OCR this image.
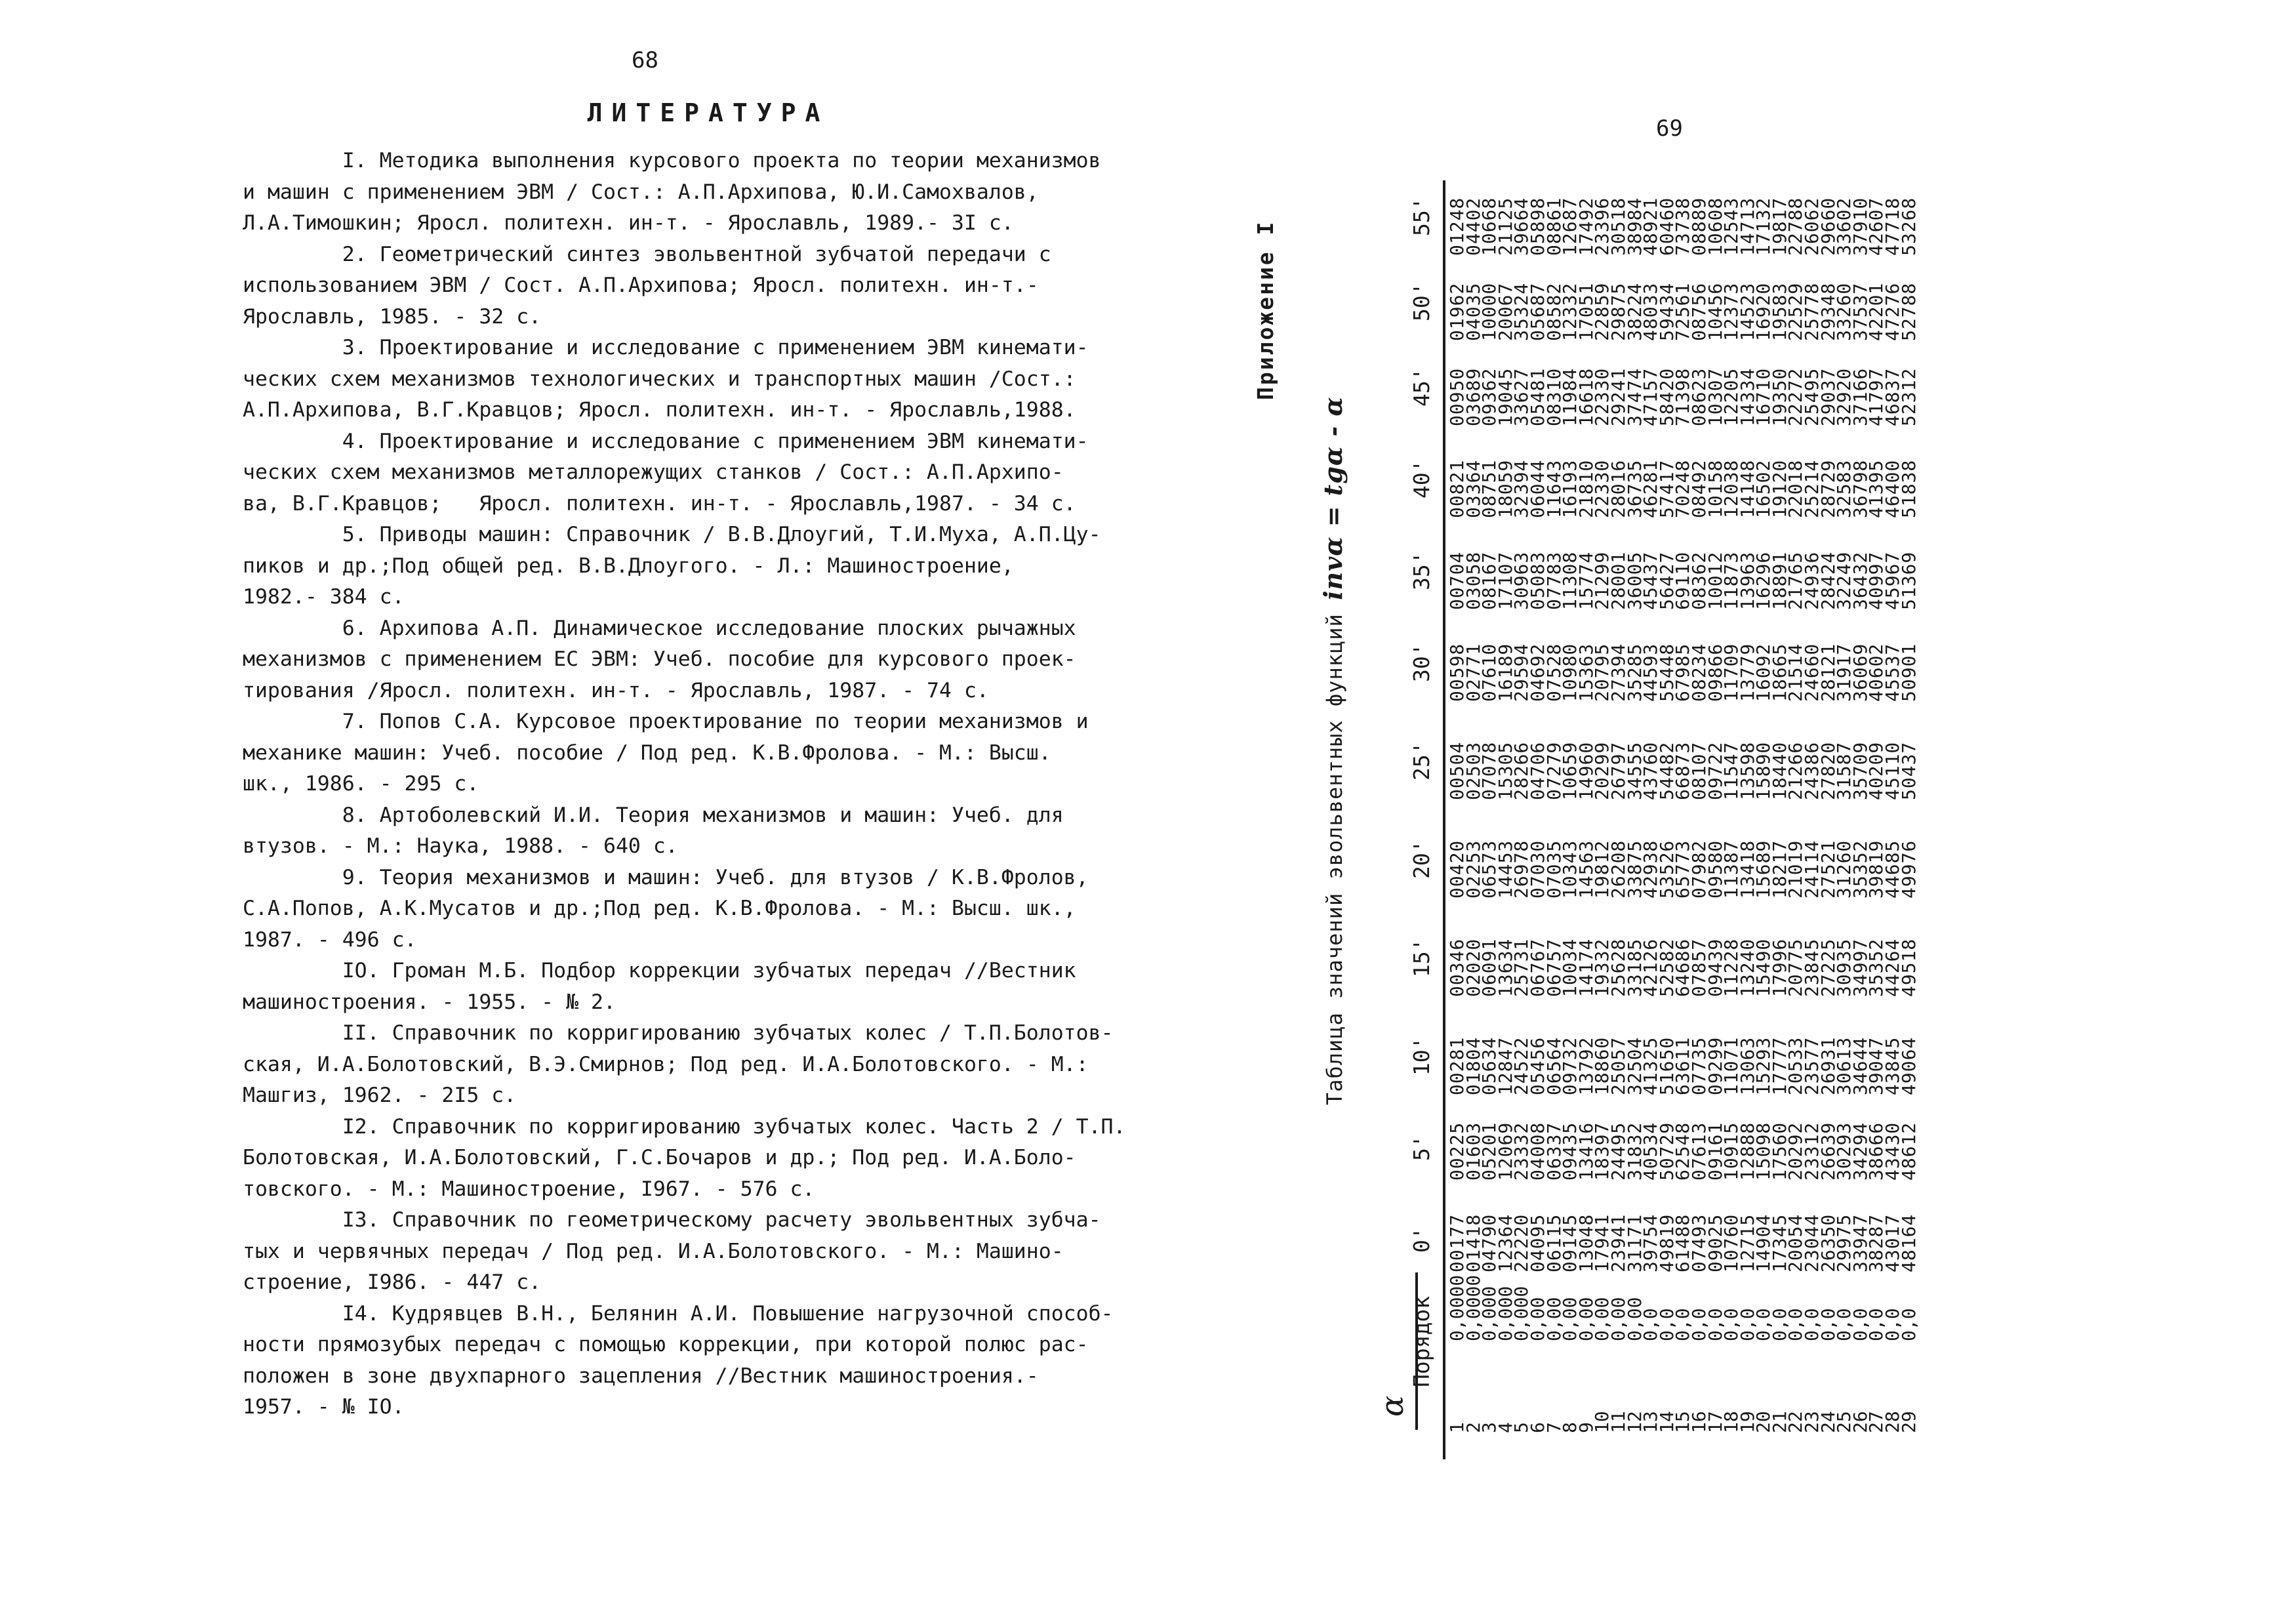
68
ЛИТЕРАТУРА
I. Методика выполнения курсового проекта по теории механизмов
и машин с применением ЭВМ / Сост.: А.П.Архипова, Ю.И.Самохвалов,
Л.А.Тимошкин; Яросл. политехн. ин-т. - Ярославль, 1989.- 3I с.
2. Геометрический синтез эвольвентной зубчатой передачи с
использованием ЭВМ / Сост. А.П.Архипова; Яросл. политехн. ин-т.-
Ярославль, 1985. - 32 с.
3. Проектирование и исследование с применением ЭВМ кинемати-
ческих схем механизмов технологических и транспортных машин /Сост.:
А.П.Архипова, В.Г.Кравцов; Яросл. политехн. ин-т. - Ярославль,1988.
4. Проектирование и исследование с применением ЭВМ кинемати-
ческих схем механизмов металлорежущих станков / Сост.: А.П.Архипо-
ва, В.Г.Кравцов;   Яросл. политехн. ин-т. - Ярославль,1987. - 34 с.
5. Приводы машин: Справочник / В.В.Длоугий, Т.И.Муха, А.П.Цу-
пиков и др.;Под общей ред. В.В.Длоугого. - Л.: Машиностроение,
1982.- 384 с.
6. Архипова А.П. Динамическое исследование плоских рычажных
механизмов с применением ЕС ЭВМ: Учеб. пособие для курсового проек-
тирования /Яросл. политехн. ин-т. - Ярославль, 1987. - 74 с.
7. Попов С.А. Курсовое проектирование по теории механизмов и
механике машин: Учеб. пособие / Под ред. К.В.Фролова. - М.: Высш.
шк., 1986. - 295 с.
8. Артоболевский И.И. Теория механизмов и машин: Учеб. для
втузов. - М.: Наука, 1988. - 640 с.
9. Теория механизмов и машин: Учеб. для втузов / К.В.Фролов,
С.А.Попов, А.К.Мусатов и др.;Под ред. К.В.Фролова. - М.: Высш. шк.,
1987. - 496 с.
IO. Громан М.Б. Подбор коррекции зубчатых передач //Вестник
машиностроения. - 1955. - № 2.
II. Справочник по корригированию зубчатых колес / Т.П.Болотов-
ская, И.А.Болотовский, В.Э.Смирнов; Под ред. И.А.Болотовского. - М.:
Машгиз, 1962. - 2I5 с.
I2. Справочник по корригированию зубчатых колес. Часть 2 / Т.П.
Болотовская, И.А.Болотовский, Г.С.Бочаров и др.; Под ред. И.А.Боло-
товского. - М.: Машиностроение, I967. - 576 с.
I3. Справочник по геометрическому расчету эвольвентных зубча-
тых и червячных передач / Под ред. И.А.Болотовского. - М.: Машино-
строение, I986. - 447 с.
I4. Кудрявцев В.Н., Белянин А.И. Повышение нагрузочной способ-
ности прямозубых передач с помощью коррекции, при которой полюс рас-
положен в зоне двухпарного зацепления //Вестник машиностроения.-
1957. - № IO.
69
Приложение I
Таблица значений эвольвентных функций invα = tgα - α
α
Порядок
0'
5'
10'
15'
20'
25'
30'
35'
40'
45'
50'
55'
1
2
3
4
5
6
7
8
9
10
11
12
13
14
15
16
17
18
19
20
21
22
23
24
25
26
27
28
29
0,0000
0,0000
0,000
0,000
0,000
0,00
0,00
0,00
0,00
0,00
0,00
0,00
0,0
0,0
0,0
0,0
0,0
0,0
0,0
0,0
0,0
0,0
0,0
0,0
0,0
0,0
0,0
0,0
0,0
00177
01418
04790
12364
22220
04095
06115
09145
13048
17941
23941
31171
39754
49819
61488
07493
09025
10760
12715
14904
17345
20054
23044
26350
29975
33947
38287
43017
48164
00225
01603
05201
12069
23332
04008
06337
09435
13416
18397
24495
31832
40534
50729
62548
07613
09161
10915
12888
15098
17560
20292
23312
26639
30293
34294
38666
43430
48612
00281
01804
05634
12847
24522
05456
06564
09732
13792
18860
25057
32504
41325
51650
63611
07735
09299
11071
13063
15293
17777
20533
23577
26931
30613
34644
39047
43845
49064
00346
02020
06091
13634
25731
06767
06757
10034
14174
19332
25628
33185
42126
52582
64686
07857
09439
11228
13240
15490
17996
20775
23845
27225
30935
34997
35352
44264
49518
00420
02253
06573
14453
26978
07030
07035
10343
14563
19812
26208
33875
42938
53526
65773
07982
09580
11387
13418
15689
18217
21019
24114
27521
31260
35352
39819
44685
49976
00504
02503
07078
15305
28266
04706
07279
10659
14960
20299
26797
34555
43760
54482
66873
08107
09722
11547
13598
15890
18440
21266
24386
27820
31587
35709
40209
45110
50437
00598
02771
07610
16189
29594
04692
07528
10980
15363
20795
27394
35285
44593
55448
67985
08234
09866
11709
13779
16092
18665
21514
24660
28121
31917
36069
40602
45537
50901
00704
03058
08167
17107
30963
05083
07783
11308
15774
21299
28001
36005
45437
56427
69110
08362
10012
11873
13963
16296
18891
21765
24936
28424
32249
36432
40997
45967
51369
00821
03364
08751
18059
32394
06044
11643
16193
21810
22330
28016
36735
46281
57417
70248
08492
10158
12038
14148
16502
19120
22018
25214
28729
32583
36798
41395
46400
51838
00950
03689
09362
19045
33627
05481
08310
11984
16618
22330
29241
37474
47157
58420
71398
08623
10307
12205
14334
16710
19350
22272
25495
29037
32920
37166
41797
46837
52312
01962
04035
10000
20067
35324
05687
08582
12332
17051
22859
29875
38224
48033
59434
72561
08756
10456
12373
14523
16920
19583
22529
25778
29348
33260
37537
42201
47276
52788
01248
04402
10668
21125
39664
05898
08861
12687
17492
23396
30518
38984
48921
60460
73738
08889
10608
12543
14713
17132
19817
22788
26062
29660
33602
37910
42607
47718
53268
